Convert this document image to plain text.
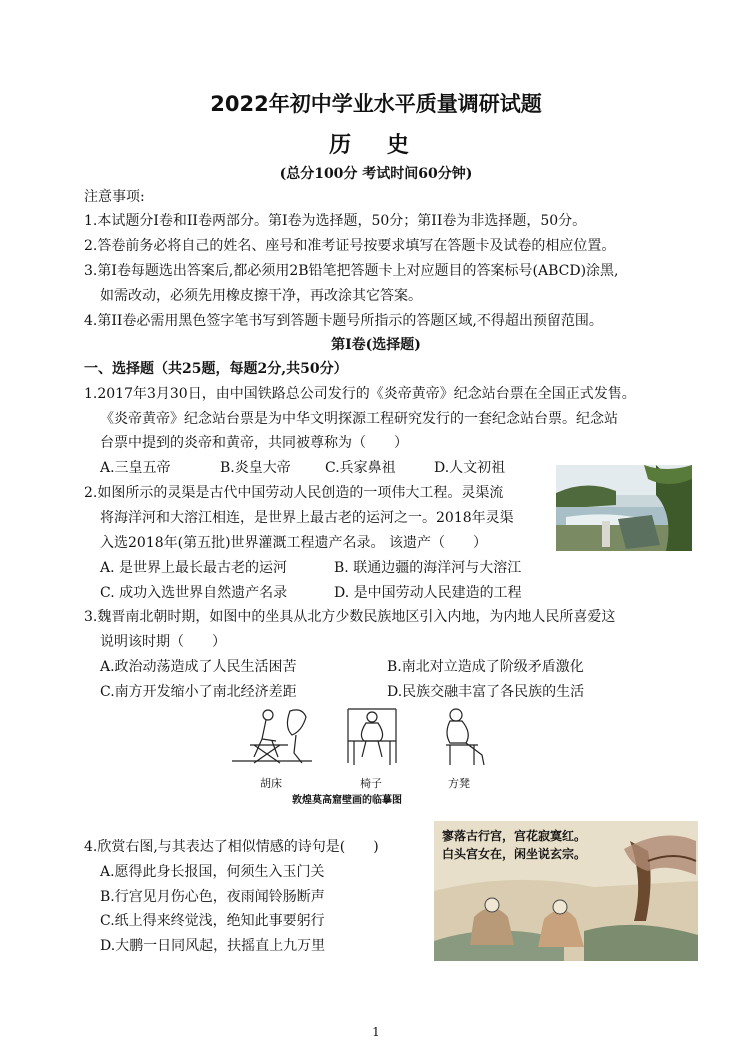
2022年初中学业水平质量调研试题
历 史
(总分100分 考试时间60分钟)
注意事项:
1.本试题分Ⅰ卷和II卷两部分。第Ⅰ卷为选择题，50分；第II卷为非选择题，50分。
2.答卷前务必将自己的姓名、座号和准考证号按要求填写在答题卡及试卷的相应位置。
3.第Ⅰ卷每题选出答案后,都必须用2B铅笔把答题卡上对应题目的答案标号(ABCD)涂黑,
如需改动，必须先用橡皮擦干净，再改涂其它答案。
4.第II卷必需用黑色签字笔书写到答题卡题号所指示的答题区域,不得超出预留范围。
第Ⅰ卷(选择题)
一、选择题（共25题，每题2分,共50分）
1.2017年3月30日，由中国铁路总公司发行的《炎帝黄帝》纪念站台票在全国正式发售。
《炎帝黄帝》纪念站台票是为中华文明探源工程研究发行的一套纪念站台票。纪念站
台票中提到的炎帝和黄帝，共同被尊称为（　　）
A.三皇五帝	B.炎皇大帝 C.兵家鼻祖	D.人文初祖
2.如图所示的灵渠是古代中国劳动人民创造的一项伟大工程。灵渠流
将海洋河和大溶江相连，是世界上最古老的运河之一。2018年灵渠
入选2018年(第五批)世界灌溉工程遗产名录。 该遗产（　　）
A. 是世界上最长最古老的运河	B. 联通边疆的海洋河与大溶江
C. 成功入选世界自然遗产名录	D. 是中国劳动人民建造的工程
3.魏晋南北朝时期，如图中的坐具从北方少数民族地区引入内地，为内地人民所喜爱这
说明该时期（　　）
A.政治动荡造成了人民生活困苦	B.南北对立造成了阶级矛盾激化
C.南方开发缩小了南北经济差距	D.民族交融丰富了各民族的生活
胡床	椅子	方凳
敦煌莫高窟壁画的临摹图
寥落古行宫，宫花寂寞红。
白头宫女在，闲坐说玄宗。
4.欣赏右图,与其表达了相似情感的诗句是(　　)
A.愿得此身长报国，何须生入玉门关
B.行宫见月伤心色，夜雨闻铃肠断声
C.纸上得来终觉浅，绝知此事要躬行
D.大鹏一日同风起，扶摇直上九万里
1
